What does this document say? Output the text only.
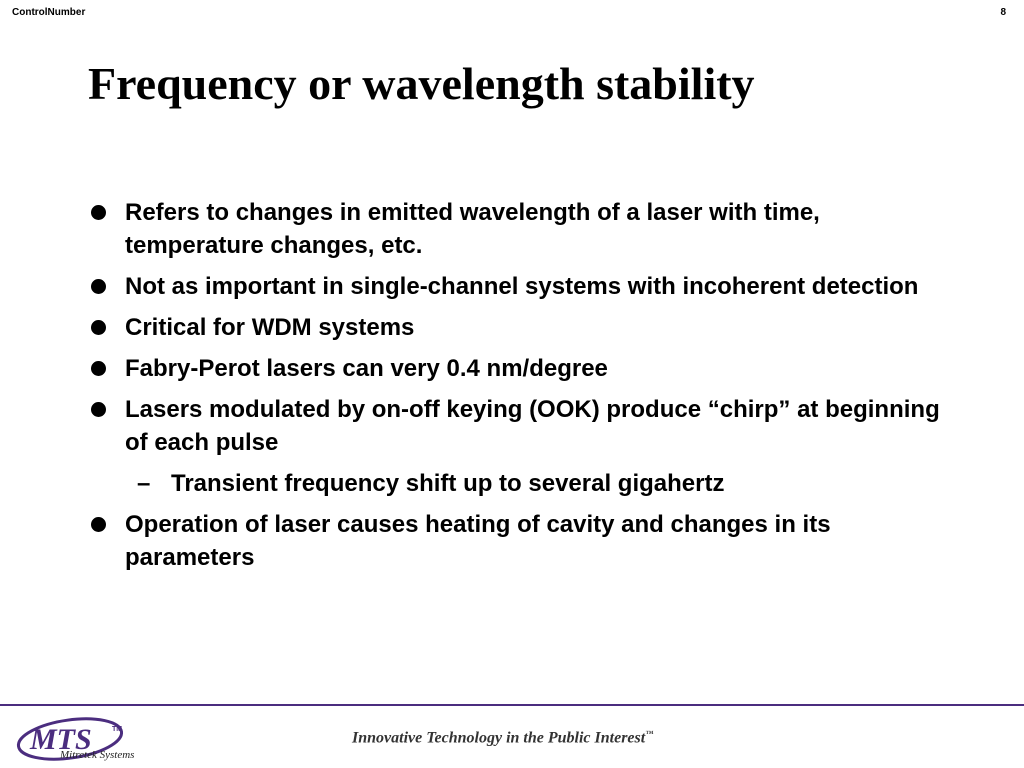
ControlNumber	8
Frequency or wavelength stability
Refers to changes in emitted wavelength of a laser with time, temperature changes, etc.
Not as important in single-channel systems with incoherent detection
Critical for WDM systems
Fabry-Perot lasers can very 0.4 nm/degree
Lasers modulated by on-off keying (OOK) produce “chirp” at beginning of each pulse
– Transient frequency shift up to several gigahertz
Operation of laser causes heating of cavity and changes in its parameters
MTS	TM
Mitretek Systems
Innovative Technology in the Public Interest™
